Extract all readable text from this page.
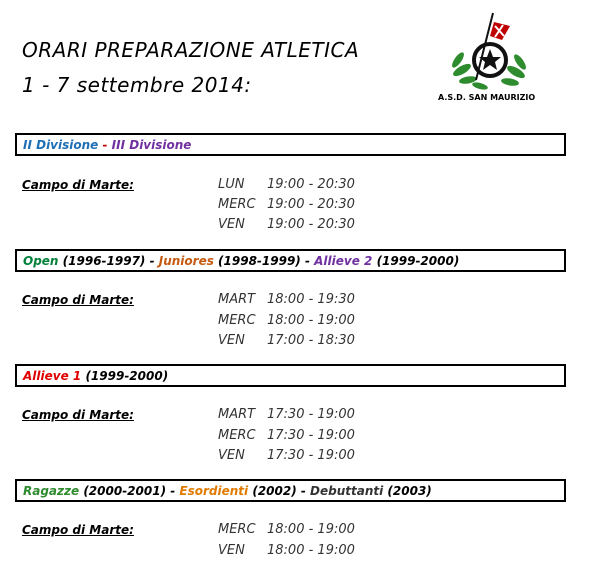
ORARI PREPARAZIONE ATLETICA
1 - 7 settembre 2014:
A.S.D. SAN MAURIZIO
II Divisione - III Divisione
Campo di Marte:	LUN 19:00 - 20:30
MERC 19:00 - 20:30
VEN 19:00 - 20:30
Open (1996-1997) - Juniores (1998-1999) - Allieve 2 (1999-2000)
Campo di Marte:	MART 18:00 - 19:30
MERC 18:00 - 19:00
VEN 17:00 - 18:30
Allieve 1 (1999-2000)
Campo di Marte:	MART 17:30 - 19:00
MERC 17:30 - 19:00
VEN 17:30 - 19:00
Ragazze (2000-2001) - Esordienti (2002) - Debuttanti (2003)
Campo di Marte:	MERC 18:00 - 19:00
VEN 18:00 - 19:00
